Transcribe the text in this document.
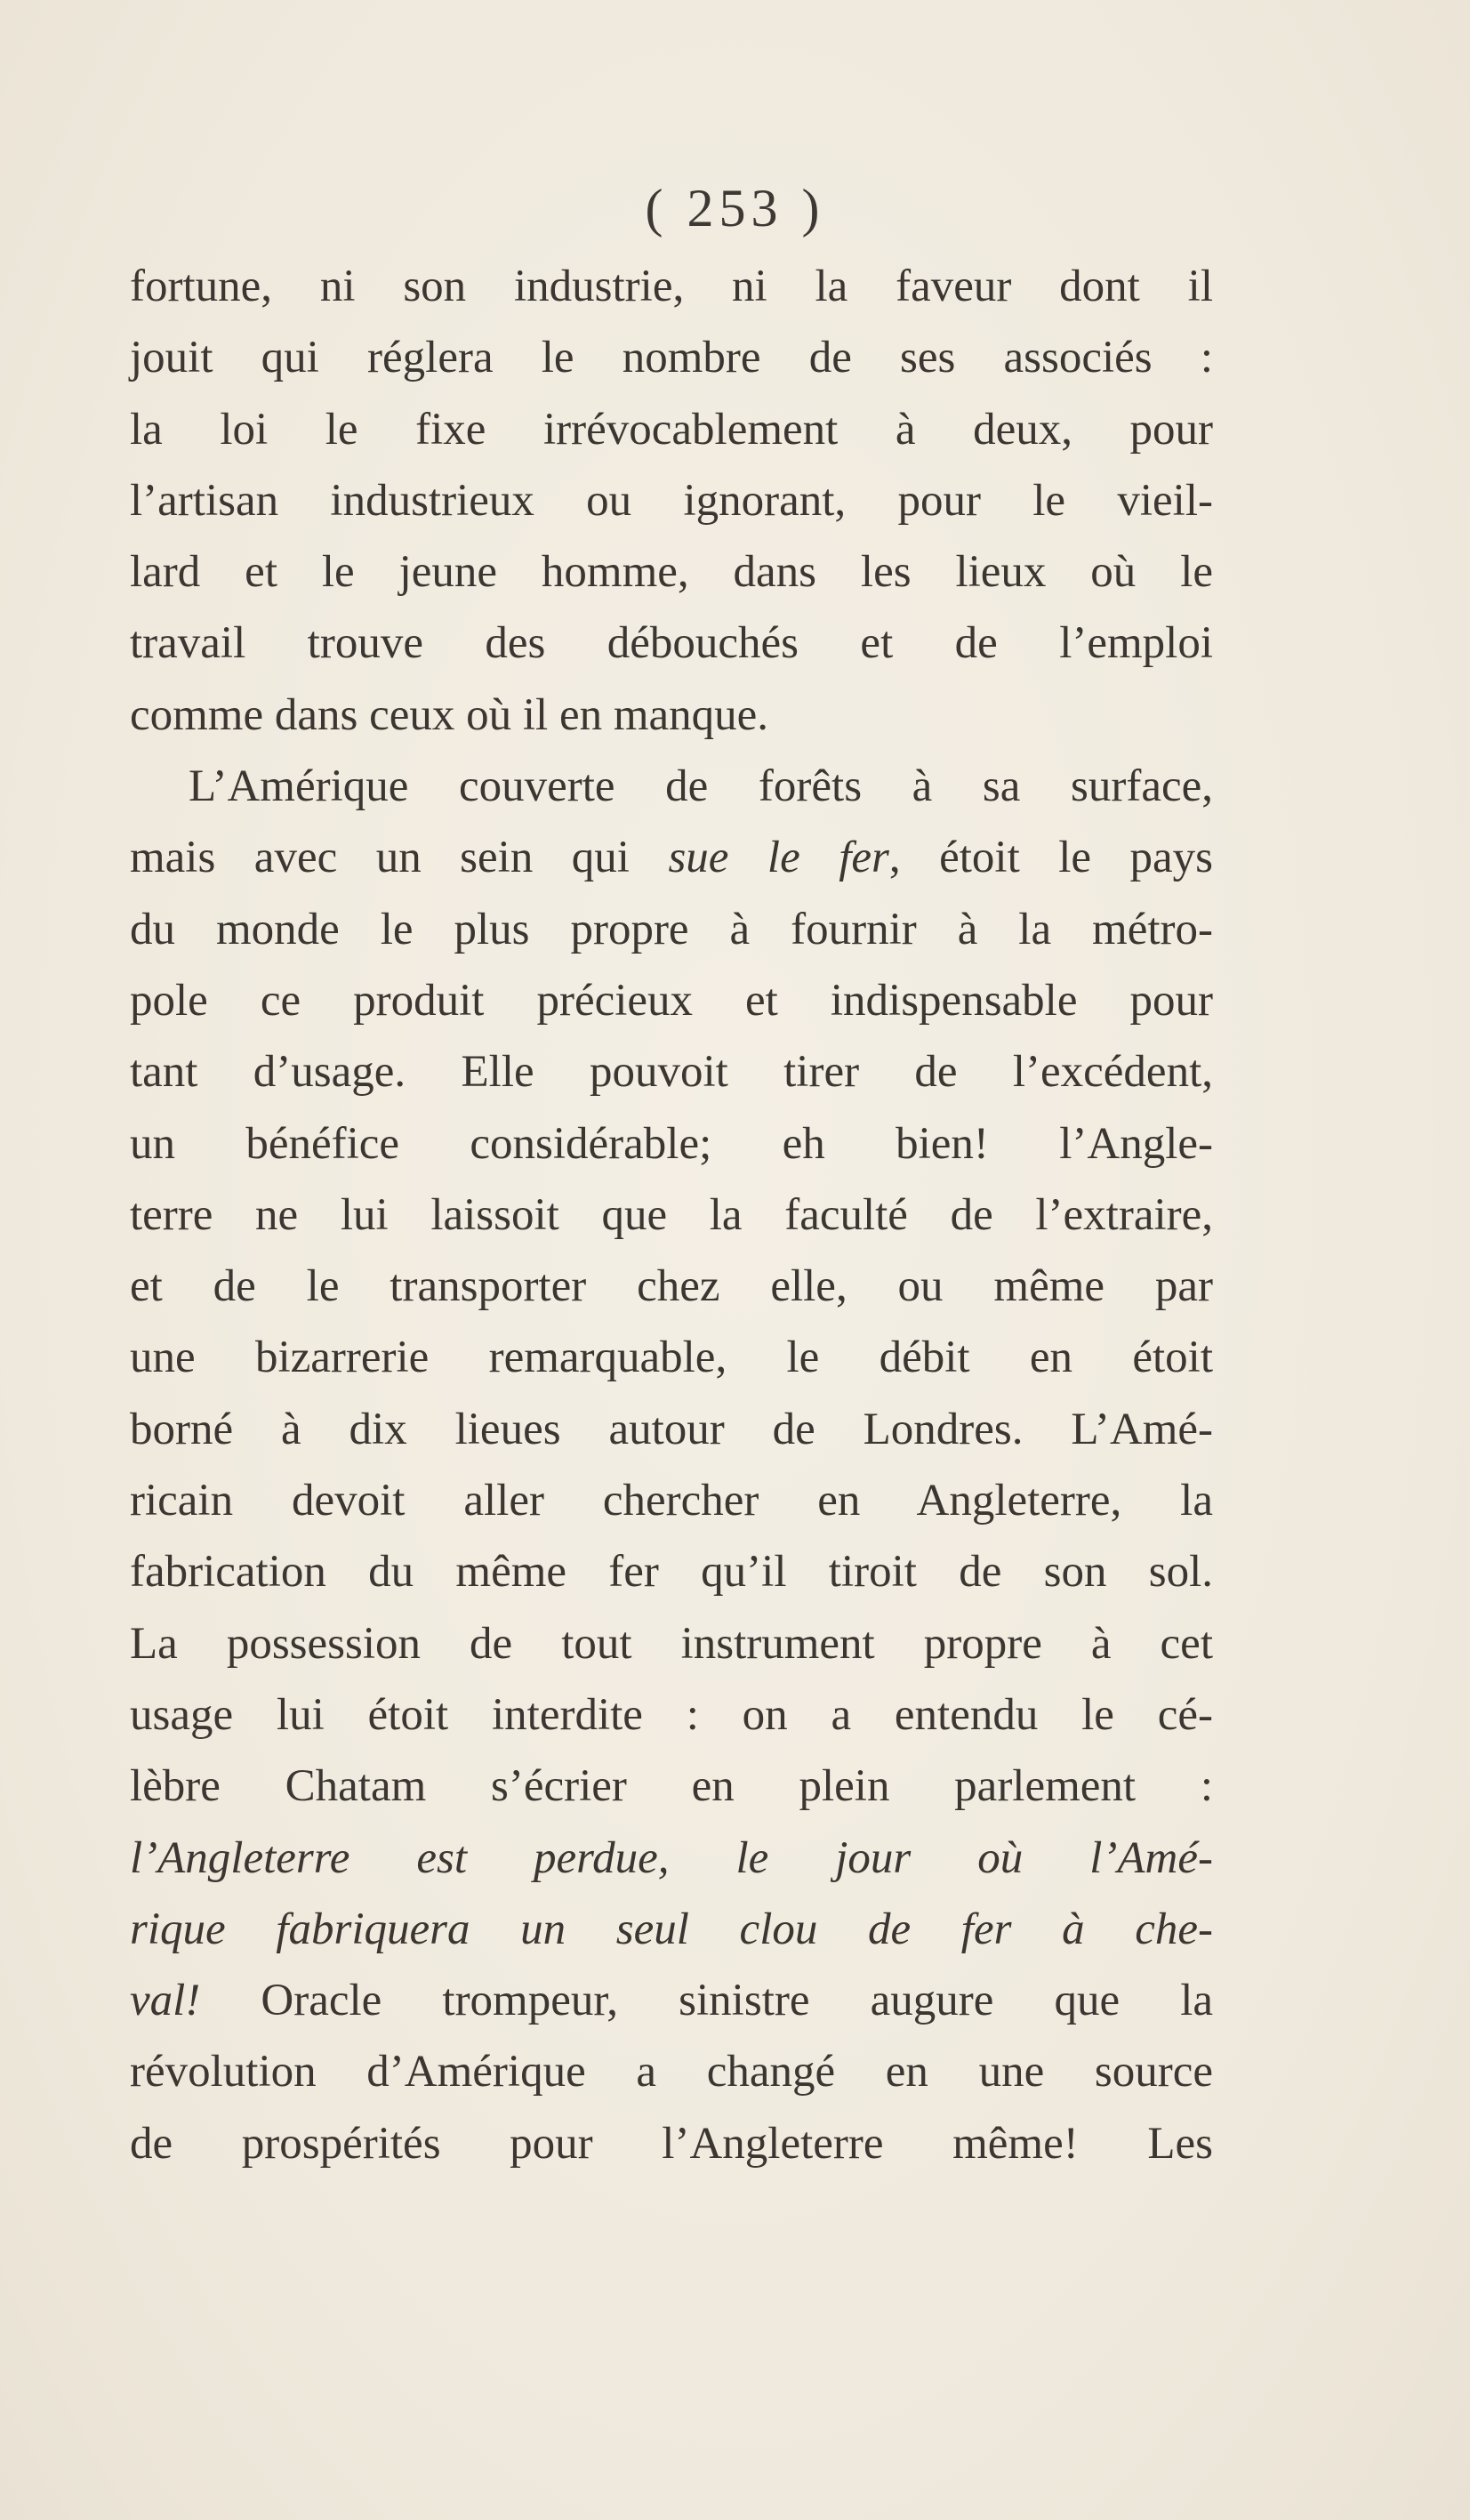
( 253 )
fortune, ni son industrie, ni la faveur dont il
jouit qui réglera le nombre de ses associés :
la loi le fixe irrévocablement à deux, pour
l’artisan industrieux ou ignorant, pour le vieil-
lard et le jeune homme, dans les lieux où le
travail trouve des débouchés et de l’emploi
comme dans ceux où il en manque.
L’Amérique couverte de forêts à sa surface,
mais avec un sein qui sue le fer, étoit le pays
du monde le plus propre à fournir à la métro-
pole ce produit précieux et indispensable pour
tant d’usage. Elle pouvoit tirer de l’excédent,
un bénéfice considérable; eh bien! l’Angle-
terre ne lui laissoit que la faculté de l’extraire,
et de le transporter chez elle, ou même par
une bizarrerie remarquable, le débit en étoit
borné à dix lieues autour de Londres. L’Amé-
ricain devoit aller chercher en Angleterre, la
fabrication du même fer qu’il tiroit de son sol.
La possession de tout instrument propre à cet
usage lui étoit interdite : on a entendu le cé-
lèbre Chatam s’écrier en plein parlement :
l’Angleterre est perdue, le jour où l’Amé-
rique fabriquera un seul clou de fer à che-
val! Oracle trompeur, sinistre augure que la
révolution d’Amérique a changé en une source
de prospérités pour l’Angleterre même! Les
